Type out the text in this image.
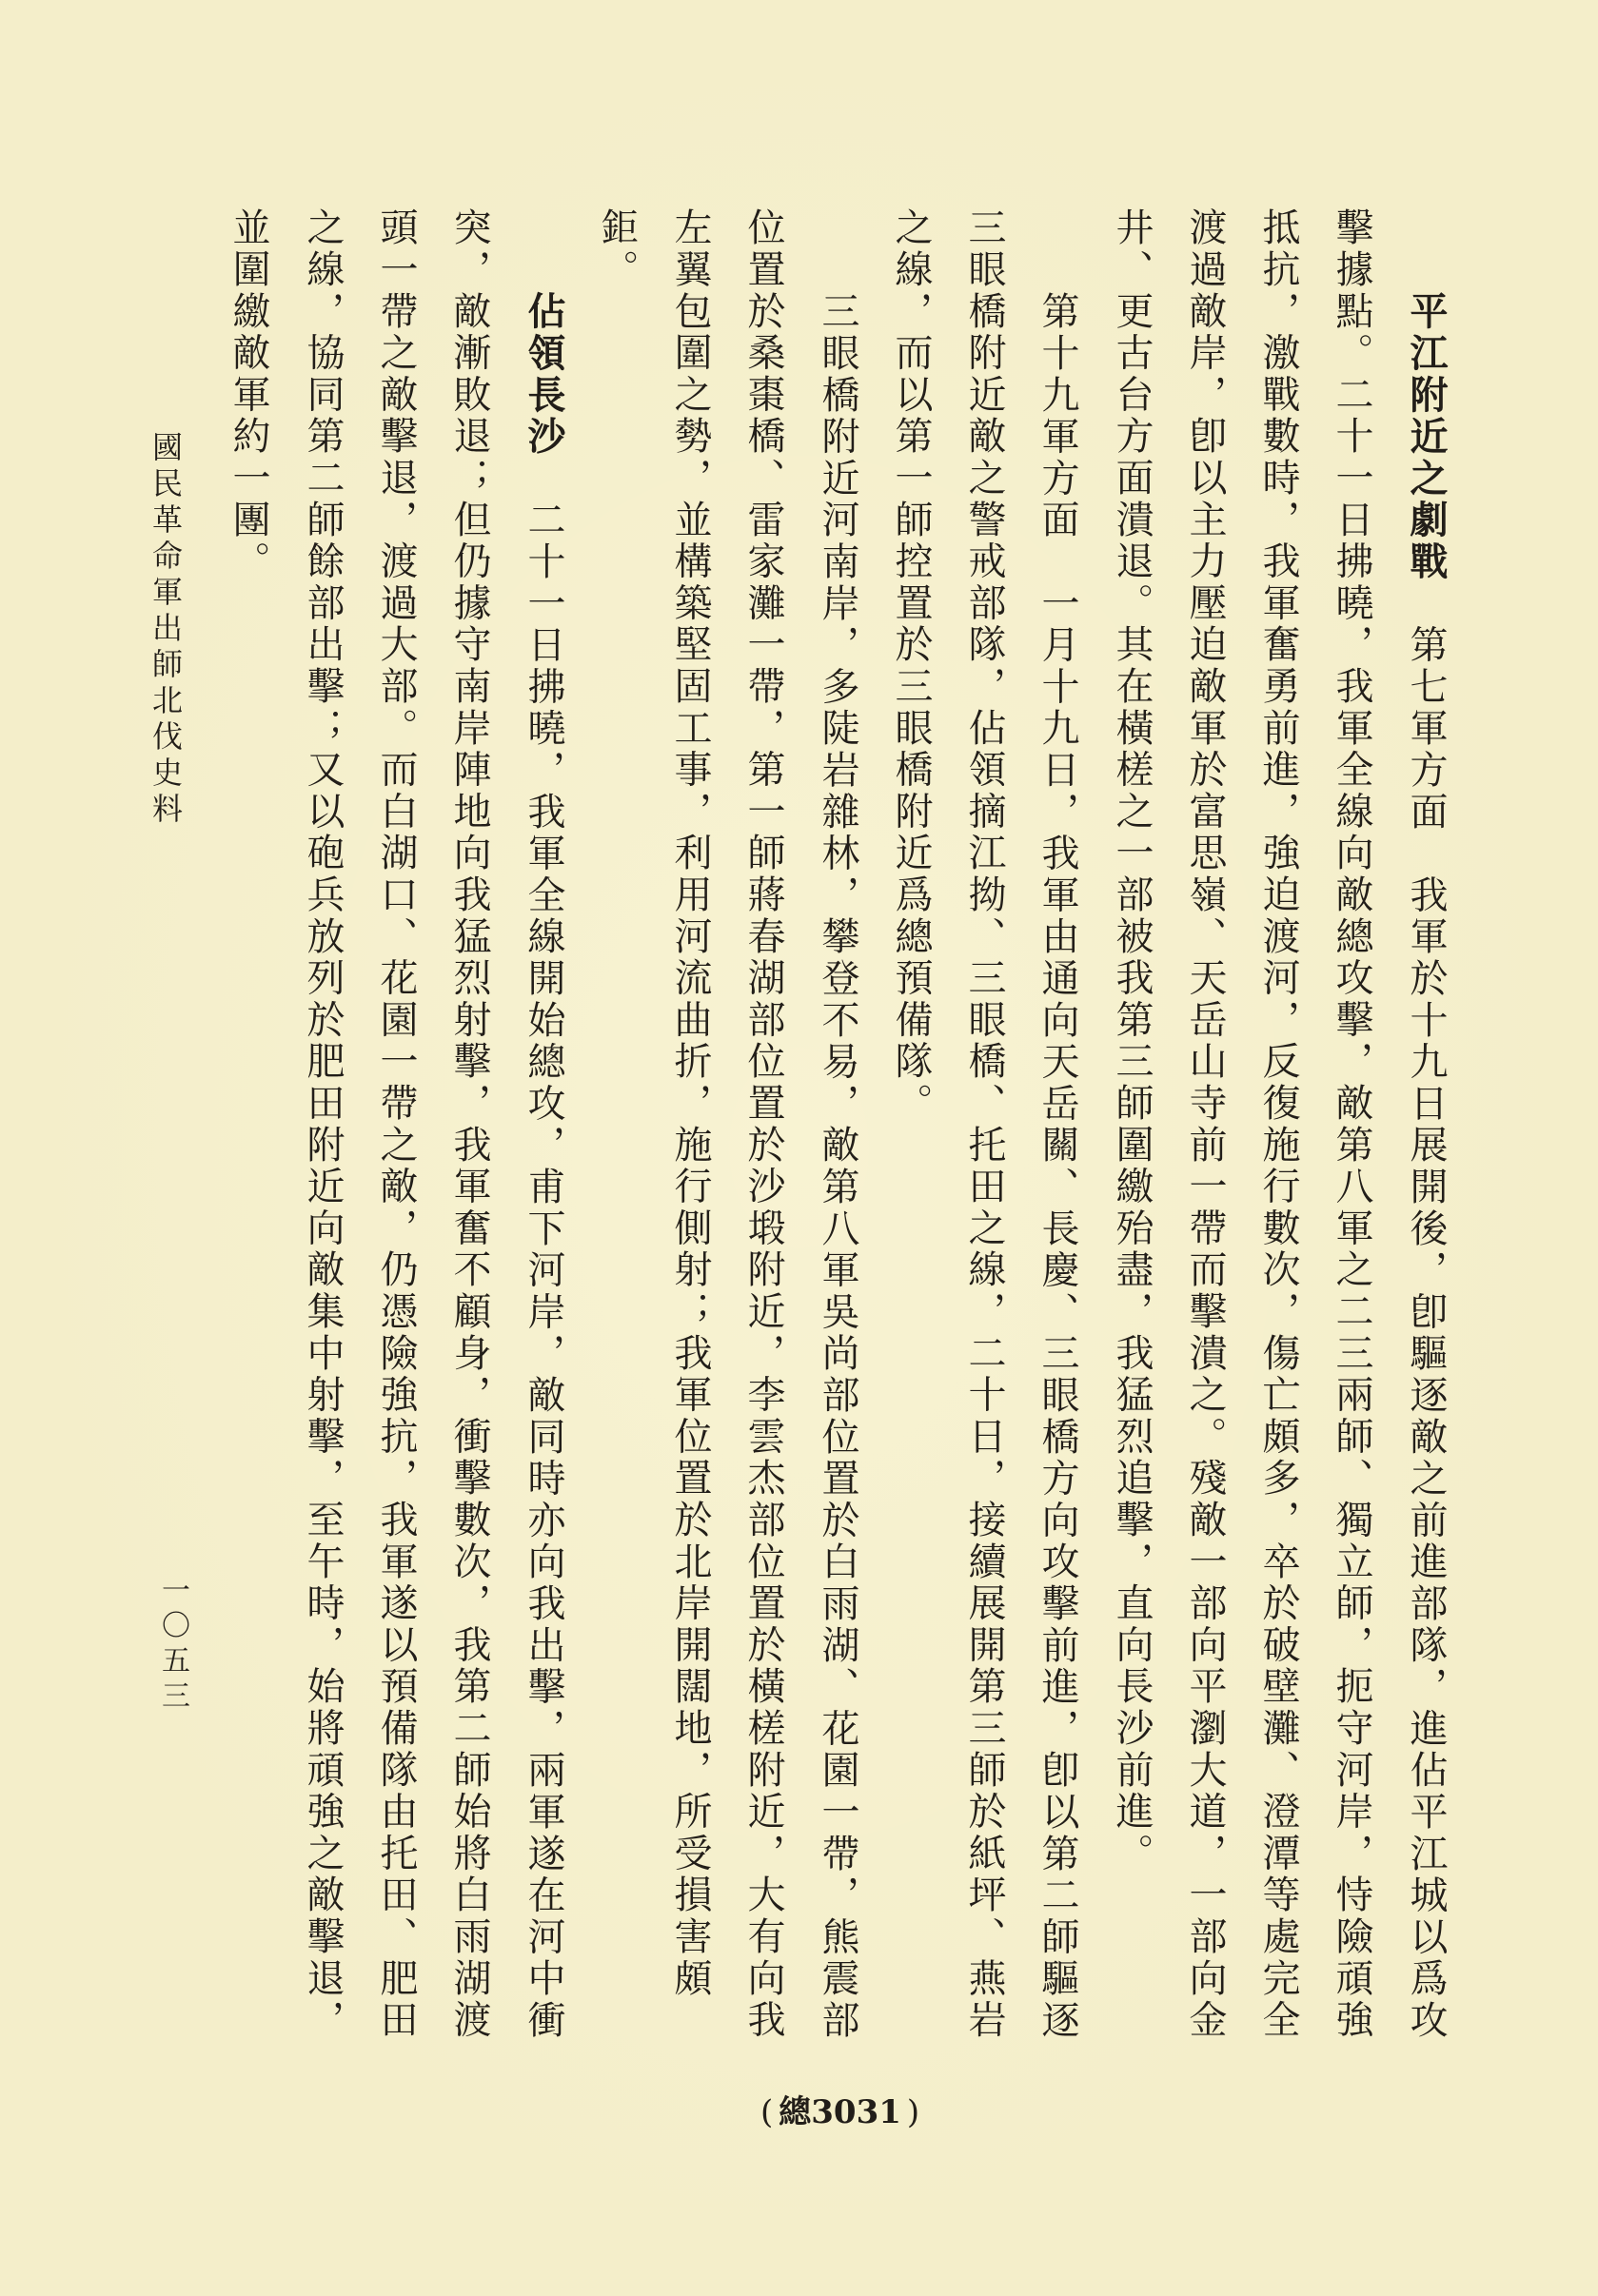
平江附近之劇戰　第七軍方面　我軍於十九日展開後，卽驅逐敵之前進部隊，進佔平江城以爲攻
擊據點。二十一日拂曉，我軍全線向敵總攻擊，敵第八軍之二三兩師、獨立師，扼守河岸，恃險頑強
抵抗，激戰數時，我軍奮勇前進，強迫渡河，反復施行數次，傷亡頗多，卒於破壁灘、澄潭等處完全
渡過敵岸，卽以主力壓迫敵軍於富思嶺、天岳山寺前一帶而擊潰之。殘敵一部向平瀏大道，一部向金
井、更古台方面潰退。其在橫槎之一部被我第三師圍繳殆盡，我猛烈追擊，直向長沙前進。
第十九軍方面　一月十九日，我軍由通向天岳關、長慶、三眼橋方向攻擊前進，卽以第二師驅逐
三眼橋附近敵之警戒部隊，佔領摘江拗、三眼橋、托田之線，二十日，接續展開第三師於紙坪、燕岩
之線，而以第一師控置於三眼橋附近爲總預備隊。
三眼橋附近河南岸，多陡岩雜林，攀登不易，敵第八軍吳尚部位置於白雨湖、花園一帶，熊震部
位置於桑棗橋、雷家灘一帶，第一師蔣春湖部位置於沙塅附近，李雲杰部位置於橫槎附近，大有向我
左翼包圍之勢，並構築堅固工事，利用河流曲折，施行側射；我軍位置於北岸開闊地，所受損害頗
鉅。
佔領長沙　二十一日拂曉，我軍全線開始總攻，甫下河岸，敵同時亦向我出擊，兩軍遂在河中衝
突，敵漸敗退；但仍據守南岸陣地向我猛烈射擊，我軍奮不顧身，衝擊數次，我第二師始將白雨湖渡
頭一帶之敵擊退，渡過大部。而白湖口、花園一帶之敵，仍憑險強抗，我軍遂以預備隊由托田、肥田
之線，協同第二師餘部出擊；又以砲兵放列於肥田附近向敵集中射擊，至午時，始將頑強之敵擊退，
並圍繳敵軍約一團。
國民革命軍出師北伐史料
一〇五三
( 總3031 )
